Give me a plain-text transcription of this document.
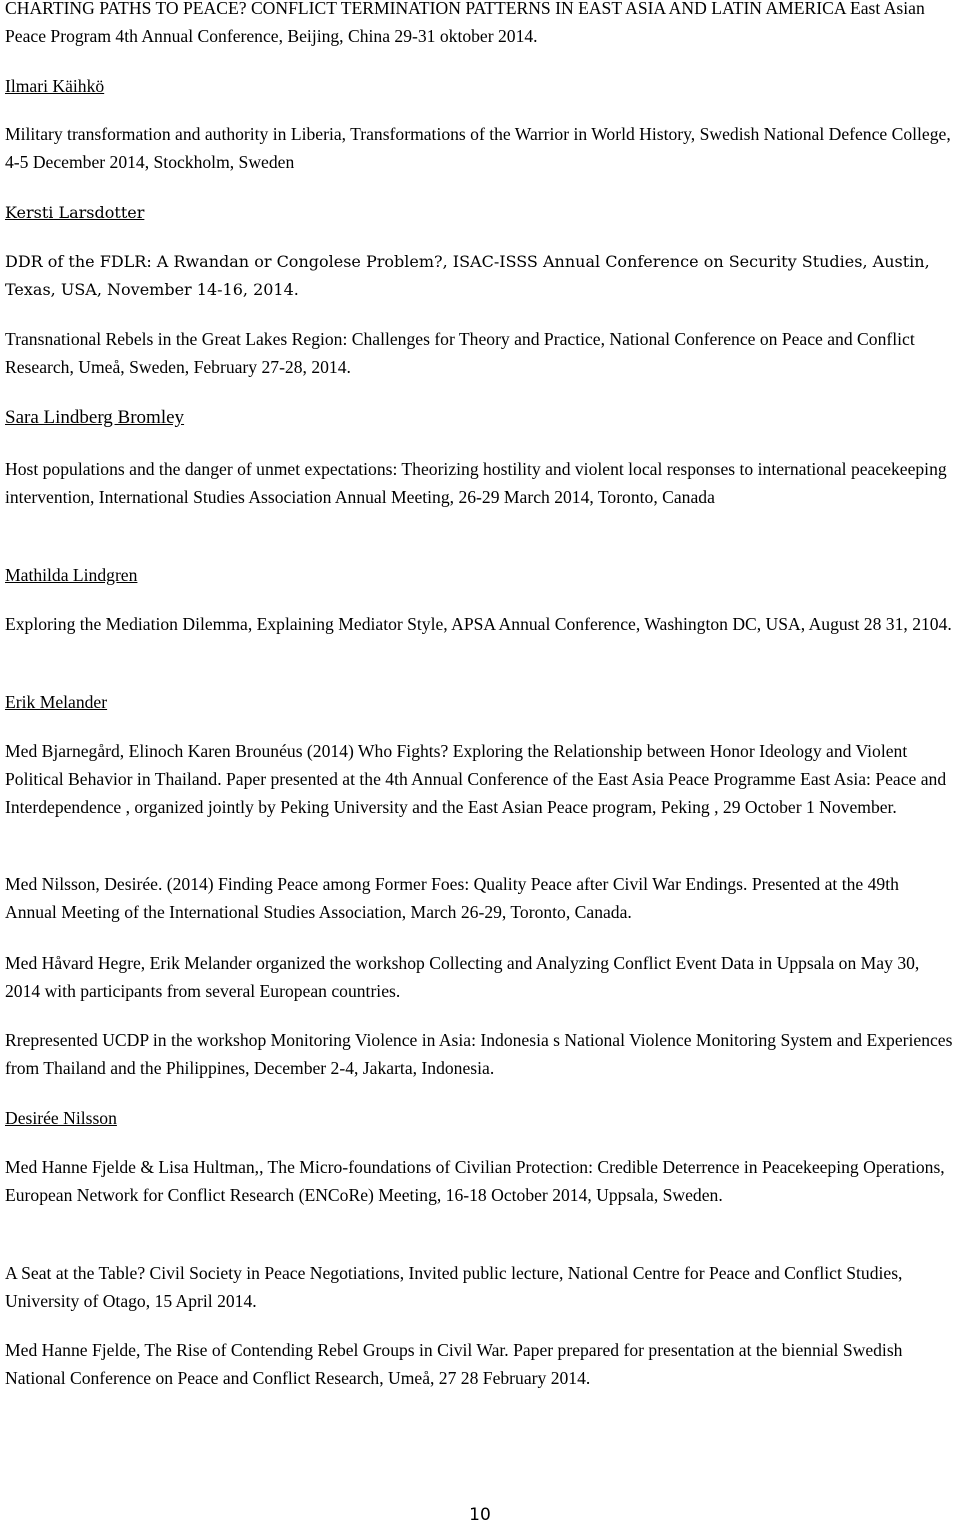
CHARTING PATHS TO PEACE? CONFLICT TERMINATION PATTERNS IN EAST ASIA AND LATIN AMERICA East Asian Peace Program 4th Annual Conference, Beijing, China 29-31 oktober 2014.

Ilmari Käihkö

Military transformation and authority in Liberia, Transformations of the Warrior in World History, Swedish National Defence College, 4-5 December 2014, Stockholm, Sweden

Kersti Larsdotter

DDR of the FDLR: A Rwandan or Congolese Problem?, ISAC-ISSS Annual Conference on Security Studies, Austin, Texas, USA, November 14-16, 2014.

Transnational Rebels in the Great Lakes Region: Challenges for Theory and Practice, National Conference on Peace and Conflict Research, Umeå, Sweden, February 27-28, 2014.

Sara Lindberg Bromley

Host populations and the danger of unmet expectations: Theorizing hostility and violent local responses to international peacekeeping intervention, International Studies Association Annual Meeting, 26-29 March 2014, Toronto, Canada

Mathilda Lindgren

Exploring the Mediation Dilemma, Explaining Mediator Style, APSA Annual Conference, Washington DC, USA, August 28 31, 2104.

Erik Melander

Med Bjarnegård, Elinoch Karen Brounéus (2014) Who Fights? Exploring the Relationship between Honor Ideology and Violent Political Behavior in Thailand. Paper presented at the 4th Annual Conference of the East Asia Peace Programme East Asia: Peace and Interdependence , organized jointly by Peking University and the East Asian Peace program, Peking , 29 October 1 November.

Med Nilsson, Desirée. (2014) Finding Peace among Former Foes: Quality Peace after Civil War Endings. Presented at the 49th Annual Meeting of the International Studies Association, March 26-29, Toronto, Canada.

Med Håvard Hegre, Erik Melander organized the workshop Collecting and Analyzing Conflict Event Data in Uppsala on May 30, 2014 with participants from several European countries.

Rrepresented UCDP in the workshop Monitoring Violence in Asia: Indonesia s National Violence Monitoring System and Experiences from Thailand and the Philippines, December 2-4, Jakarta, Indonesia.

Desirée Nilsson

Med Hanne Fjelde & Lisa Hultman,, The Micro-foundations of Civilian Protection: Credible Deterrence in Peacekeeping Operations, European Network for Conflict Research (ENCoRe) Meeting, 16-18 October 2014, Uppsala, Sweden.

A Seat at the Table? Civil Society in Peace Negotiations, Invited public lecture, National Centre for Peace and Conflict Studies, University of Otago, 15 April 2014.

Med Hanne Fjelde, The Rise of Contending Rebel Groups in Civil War. Paper prepared for presentation at the biennial Swedish National Conference on Peace and Conflict Research, Umeå, 27 28 February 2014.

10
